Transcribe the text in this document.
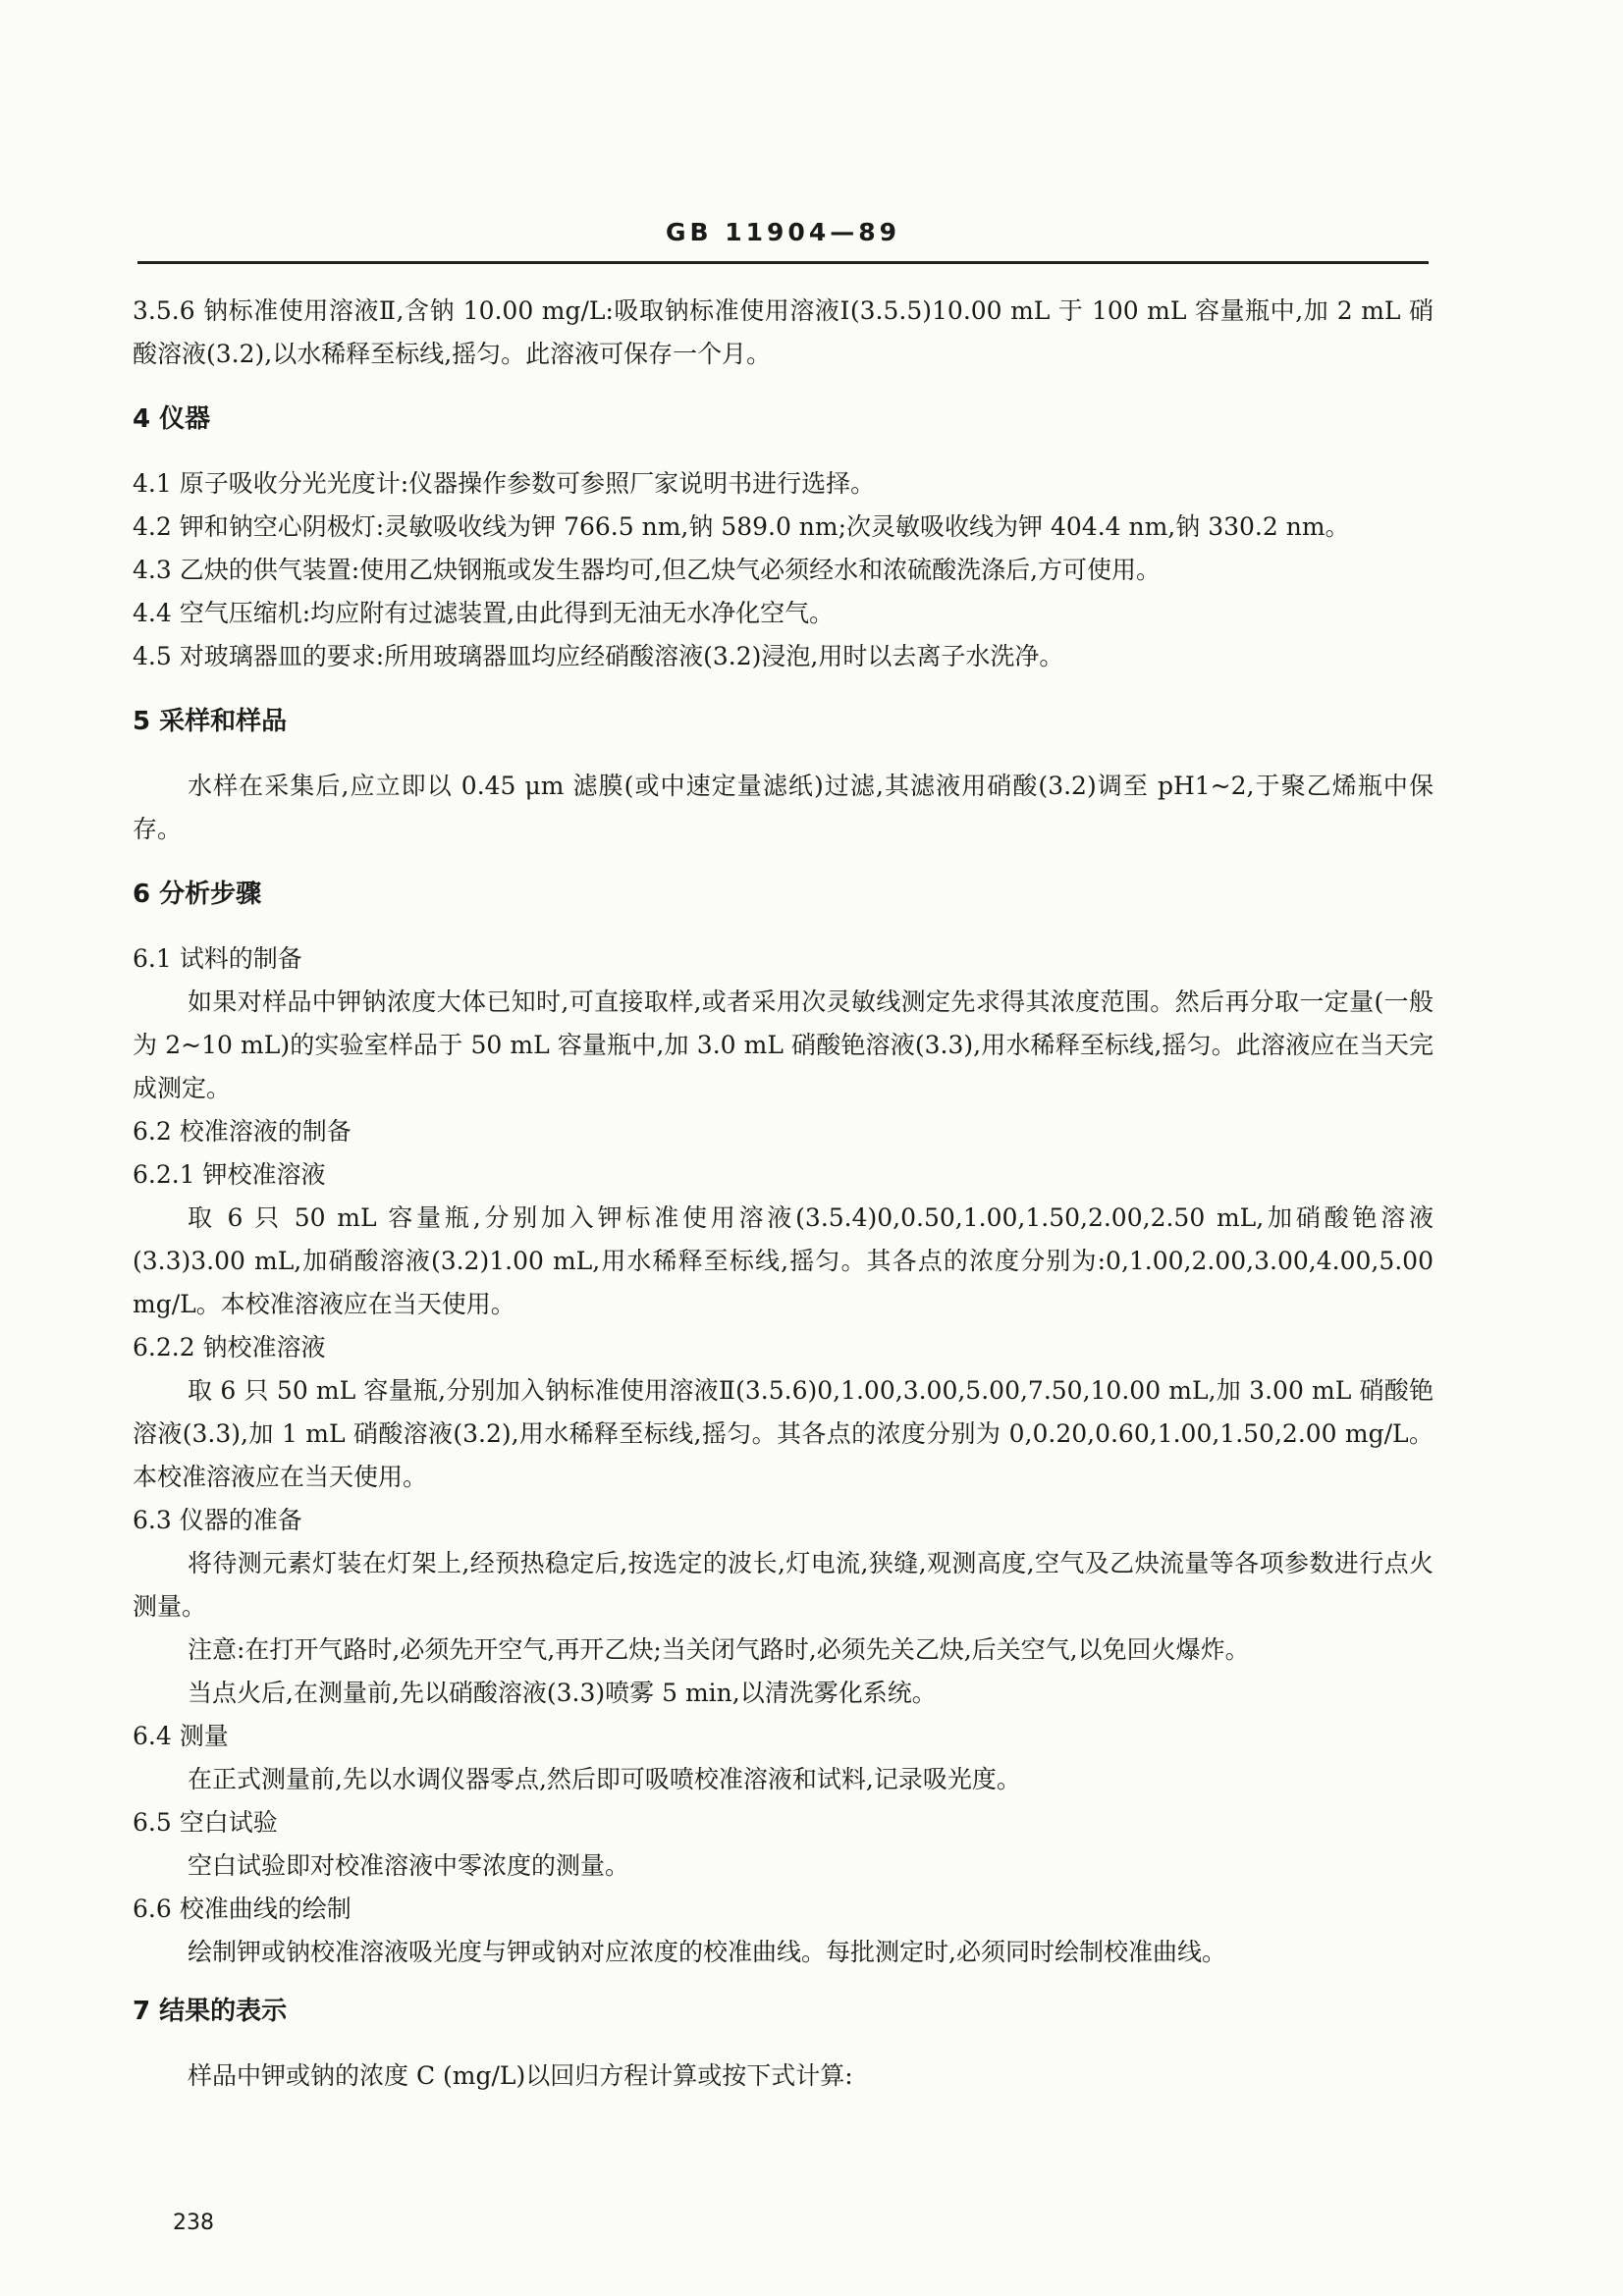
GB 11904—89

3.5.6 钠标准使用溶液Ⅱ,含钠 10.00 mg/L:吸取钠标准使用溶液Ⅰ(3.5.5)10.00 mL 于 100 mL 容量瓶中,加 2 mL 硝酸溶液(3.2),以水稀释至标线,摇匀。此溶液可保存一个月。

4 仪器

4.1 原子吸收分光光度计:仪器操作参数可参照厂家说明书进行选择。

4.2 钾和钠空心阴极灯:灵敏吸收线为钾 766.5 nm,钠 589.0 nm;次灵敏吸收线为钾 404.4 nm,钠 330.2 nm。

4.3 乙炔的供气装置:使用乙炔钢瓶或发生器均可,但乙炔气必须经水和浓硫酸洗涤后,方可使用。

4.4 空气压缩机:均应附有过滤装置,由此得到无油无水净化空气。

4.5 对玻璃器皿的要求:所用玻璃器皿均应经硝酸溶液(3.2)浸泡,用时以去离子水洗净。

5 采样和样品

水样在采集后,应立即以 0.45 μm 滤膜(或中速定量滤纸)过滤,其滤液用硝酸(3.2)调至 pH1~2,于聚乙烯瓶中保存。

6 分析步骤

6.1 试料的制备

如果对样品中钾钠浓度大体已知时,可直接取样,或者采用次灵敏线测定先求得其浓度范围。然后再分取一定量(一般为 2~10 mL)的实验室样品于 50 mL 容量瓶中,加 3.0 mL 硝酸铯溶液(3.3),用水稀释至标线,摇匀。此溶液应在当天完成测定。

6.2 校准溶液的制备

6.2.1 钾校准溶液

取 6 只 50 mL 容量瓶,分别加入钾标准使用溶液(3.5.4)0,0.50,1.00,1.50,2.00,2.50 mL,加硝酸铯溶液(3.3)3.00 mL,加硝酸溶液(3.2)1.00 mL,用水稀释至标线,摇匀。其各点的浓度分别为:0,1.00,2.00,3.00,4.00,5.00 mg/L。本校准溶液应在当天使用。

6.2.2 钠校准溶液

取 6 只 50 mL 容量瓶,分别加入钠标准使用溶液Ⅱ(3.5.6)0,1.00,3.00,5.00,7.50,10.00 mL,加 3.00 mL 硝酸铯溶液(3.3),加 1 mL 硝酸溶液(3.2),用水稀释至标线,摇匀。其各点的浓度分别为 0,0.20,0.60,1.00,1.50,2.00 mg/L。本校准溶液应在当天使用。

6.3 仪器的准备

将待测元素灯装在灯架上,经预热稳定后,按选定的波长,灯电流,狭缝,观测高度,空气及乙炔流量等各项参数进行点火测量。

注意:在打开气路时,必须先开空气,再开乙炔;当关闭气路时,必须先关乙炔,后关空气,以免回火爆炸。

当点火后,在测量前,先以硝酸溶液(3.3)喷雾 5 min,以清洗雾化系统。

6.4 测量

在正式测量前,先以水调仪器零点,然后即可吸喷校准溶液和试料,记录吸光度。

6.5 空白试验

空白试验即对校准溶液中零浓度的测量。

6.6 校准曲线的绘制

绘制钾或钠校准溶液吸光度与钾或钠对应浓度的校准曲线。每批测定时,必须同时绘制校准曲线。

7 结果的表示

样品中钾或钠的浓度 C (mg/L)以回归方程计算或按下式计算:

238
